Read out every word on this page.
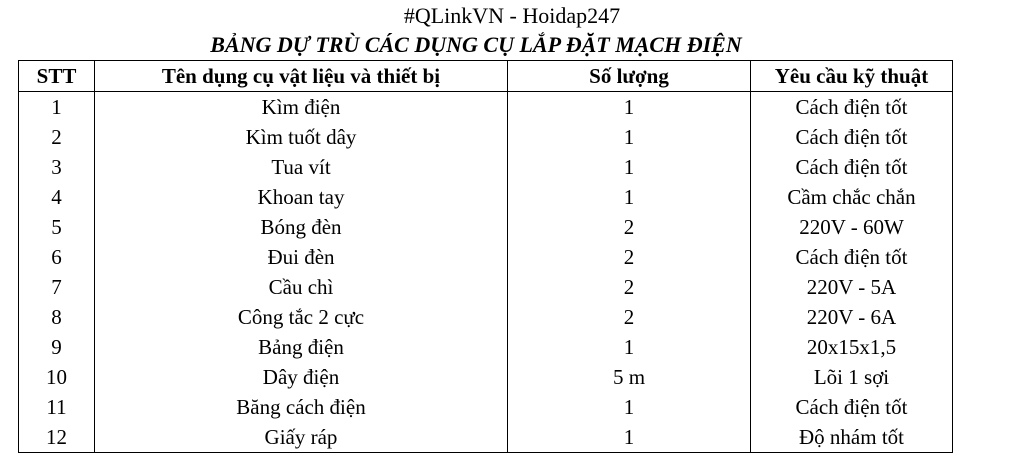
#QLinkVN - Hoidap247
BẢNG DỰ TRÙ CÁC DỤNG CỤ LẮP ĐẶT MẠCH ĐIỆN
STT	Tên dụng cụ vật liệu và thiết bị	Số lượng	Yêu cầu kỹ thuật
1	Kìm điện	1	Cách điện tốt
2	Kìm tuốt dây	1	Cách điện tốt
3	Tua vít	1	Cách điện tốt
4	Khoan tay	1	Cầm chắc chắn
5	Bóng đèn	2	220V - 60W
6	Đui đèn	2	Cách điện tốt
7	Cầu chì	2	220V - 5A
8	Công tắc 2 cực	2	220V - 6A
9	Bảng điện	1	20x15x1,5
10	Dây điện	5 m	Lõi 1 sợi
11	Băng cách điện	1	Cách điện tốt
12	Giấy ráp	1	Độ nhám tốt
